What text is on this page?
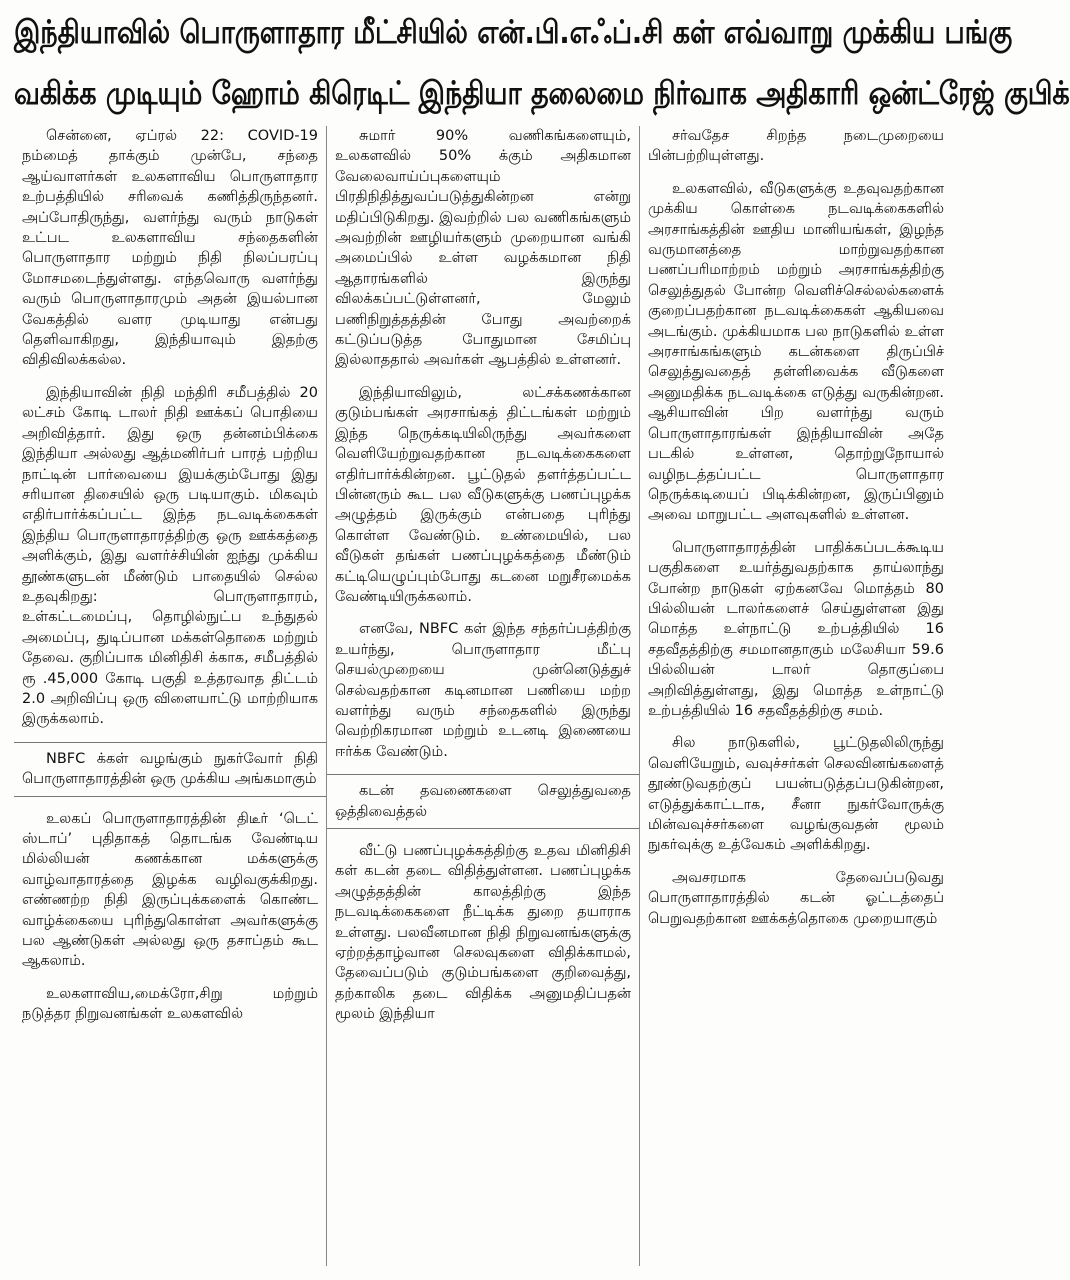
இந்தியாவில் பொருளாதார மீட்சியில் என்.பி.எஃப்.சி கள் எவ்வாறு முக்கிய பங்கு
வகிக்க முடியும் ஹோம் கிரெடிட் இந்தியா தலைமை நிர்வாக அதிகாரி ஒன்ட்ரேஜ் குபிக்

சென்னை, ஏப்ரல் 22: COVID-19 நம்மைத் தாக்கும் முன்பே, சந்தை ஆய்வாளர்கள் உலகளாவிய பொருளாதார உற்பத்தியில் சரிவைக் கணித்திருந்தனர். அப்போதிருந்து, வளர்ந்து வரும் நாடுகள் உட்பட உலகளாவிய சந்தைகளின் பொருளாதார மற்றும் நிதி நிலப்பரப்பு மோசமடைந்துள்ளது. எந்தவொரு வளர்ந்து வரும் பொருளாதாரமும் அதன் இயல்பான வேகத்தில் வளர முடியாது என்பது தெளிவாகிறது, இந்தியாவும் இதற்கு விதிவிலக்கல்ல.

இந்தியாவின் நிதி மந்திரி சமீபத்தில் 20 லட்சம் கோடி டாலர் நிதி ஊக்கப் பொதியை அறிவித்தார். இது ஒரு தன்னம்பிக்கை இந்தியா அல்லது ஆத்மனிர்பர் பாரத் பற்றிய நாட்டின் பார்வையை இயக்கும்போது இது சரியான திசையில் ஒரு படியாகும். மிகவும் எதிர்பார்க்கப்பட்ட இந்த நடவடிக்கைகள் இந்திய பொருளாதாரத்திற்கு ஒரு ஊக்கத்தை அளிக்கும், இது வளர்ச்சியின் ஐந்து முக்கிய தூண்களுடன் மீண்டும் பாதையில் செல்ல உதவுகிறது: பொருளாதாரம், உள்கட்டமைப்பு, தொழில்நுட்ப உந்துதல் அமைப்பு, துடிப்பான மக்கள்தொகை மற்றும் தேவை. குறிப்பாக மினிதிசி க்காக, சமீபத்தில் ரூ .45,000 கோடி பகுதி உத்தரவாத திட்டம் 2.0 அறிவிப்பு ஒரு விளையாட்டு மாற்றியாக இருக்கலாம்.

NBFC க்கள் வழங்கும் நுகர்வோர் நிதி பொருளாதாரத்தின் ஒரு முக்கிய அங்கமாகும்

உலகப் பொருளாதாரத்தின் திடீர் ‘டெட் ஸ்டாப்’ புதிதாகத் தொடங்க வேண்டிய மில்லியன் கணக்கான மக்களுக்கு வாழ்வாதாரத்தை இழக்க வழிவகுக்கிறது. எண்ணற்ற நிதி இருப்புக்களைக் கொண்ட வாழ்க்கையை புரிந்துகொள்ள அவர்களுக்கு பல ஆண்டுகள் அல்லது ஒரு தசாப்தம் கூட ஆகலாம்.

உலகளாவிய,மைக்ரோ,சிறு மற்றும் நடுத்தர நிறுவனங்கள் உலகளவில்

சுமார் 90% வணிகங்களையும், உலகளவில் 50% க்கும் அதிகமான வேலைவாய்ப்புகளையும் பிரதிநிதித்துவப்படுத்துகின்றன என்று மதிப்பிடுகிறது. இவற்றில் பல வணிகங்களும் அவற்றின் ஊழியர்களும் முறையான வங்கி அமைப்பில் உள்ள வழக்கமான நிதி ஆதாரங்களில் இருந்து விலக்கப்பட்டுள்ளனர், மேலும் பணிநிறுத்தத்தின் போது அவற்றைக் கட்டுப்படுத்த போதுமான சேமிப்பு இல்லாததால் அவர்கள் ஆபத்தில் உள்ளனர்.

இந்தியாவிலும், லட்சக்கணக்கான குடும்பங்கள் அரசாங்கத் திட்டங்கள் மற்றும் இந்த நெருக்கடியிலிருந்து அவர்களை வெளியேற்றுவதற்கான நடவடிக்கைகளை எதிர்பார்க்கின்றன. பூட்டுதல் தளர்த்தப்பட்ட பின்னரும் கூட பல வீடுகளுக்கு பணப்புழக்க அழுத்தம் இருக்கும் என்பதை புரிந்து கொள்ள வேண்டும். உண்மையில், பல வீடுகள் தங்கள் பணப்புழக்கத்தை மீண்டும் கட்டியெழுப்பும்போது கடனை மறுசீரமைக்க வேண்டியிருக்கலாம்.

எனவே, NBFC கள் இந்த சந்தர்ப்பத்திற்கு உயர்ந்து, பொருளாதார மீட்பு செயல்முறையை முன்னெடுத்துச் செல்வதற்கான கடினமான பணியை மற்ற வளர்ந்து வரும் சந்தைகளில் இருந்து வெற்றிகரமான மற்றும் உடனடி இணையை ஈர்க்க வேண்டும்.

கடன் தவணைகளை செலுத்துவதை ஒத்திவைத்தல்

வீட்டு பணப்புழக்கத்திற்கு உதவ மினிதிசி கள் கடன் தடை விதித்துள்ளன. பணப்புழக்க அழுத்தத்தின் காலத்திற்கு இந்த நடவடிக்கைகளை நீட்டிக்க துறை தயாராக உள்ளது. பலவீனமான நிதி நிறுவனங்களுக்கு ஏற்றத்தாழ்வான செலவுகளை விதிக்காமல், தேவைப்படும் குடும்பங்களை குறிவைத்து, தற்காலிக தடை விதிக்க அனுமதிப்பதன் மூலம் இந்தியா

சர்வதேச சிறந்த நடைமுறையை பின்பற்றியுள்ளது.

உலகளவில், வீடுகளுக்கு உதவுவதற்கான முக்கிய கொள்கை நடவடிக்கைகளில் அரசாங்கத்தின் ஊதிய மானியங்கள், இழந்த வருமானத்தை மாற்றுவதற்கான பணப்பரிமாற்றம் மற்றும் அரசாங்கத்திற்கு செலுத்துதல் போன்ற வெளிச்செல்லல்களைக் குறைப்பதற்கான நடவடிக்கைகள் ஆகியவை அடங்கும். முக்கியமாக பல நாடுகளில் உள்ள அரசாங்கங்களும் கடன்களை திருப்பிச் செலுத்துவதைத் தள்ளிவைக்க வீடுகளை அனுமதிக்க நடவடிக்கை எடுத்து வருகின்றன. ஆசியாவின் பிற வளர்ந்து வரும் பொருளாதாரங்கள் இந்தியாவின் அதே படகில் உள்ளன, தொற்றுநோயால் வழிநடத்தப்பட்ட பொருளாதார நெருக்கடியைப் பிடிக்கின்றன, இருப்பினும் அவை மாறுபட்ட அளவுகளில் உள்ளன.

பொருளாதாரத்தின் பாதிக்கப்படக்கூடிய பகுதிகளை உயர்த்துவதற்காக தாய்லாந்து போன்ற நாடுகள் ஏற்கனவே மொத்தம் 80 பில்லியன் டாலர்களைச் செய்துள்ளன இது மொத்த உள்நாட்டு உற்பத்தியில் 16 சதவீதத்திற்கு சமமானதாகும் மலேசியா 59.6 பில்லியன் டாலர் தொகுப்பை அறிவித்துள்ளது, இது மொத்த உள்நாட்டு உற்பத்தியில் 16 சதவீதத்திற்கு சமம்.

சில நாடுகளில், பூட்டுதலிலிருந்து வெளியேறும், வவுச்சர்கள் செலவினங்களைத் தூண்டுவதற்குப் பயன்படுத்தப்படுகின்றன, எடுத்துக்காட்டாக, சீனா நுகர்வோருக்கு மின்வவுச்சர்களை வழங்குவதன் மூலம் நுகர்வுக்கு உத்வேகம் அளிக்கிறது.

அவசரமாக தேவைப்படுவது பொருளாதாரத்தில் கடன் ஓட்டத்தைப் பெறுவதற்கான ஊக்கத்தொகை முறையாகும்
